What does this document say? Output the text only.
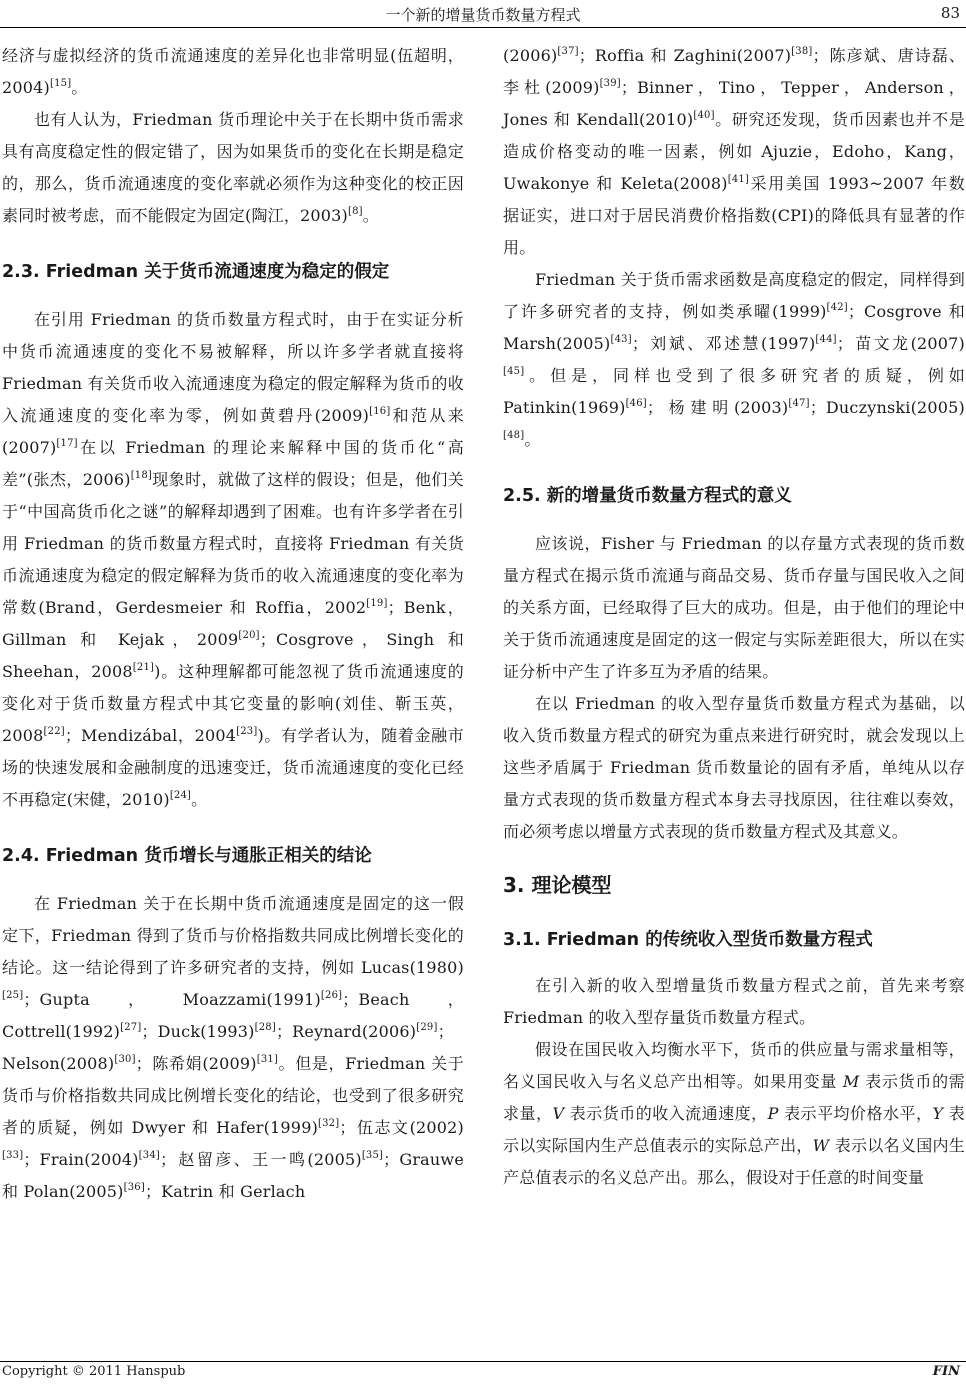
一个新的增量货币数量方程式	83

经济与虚拟经济的货币流通速度的差异化也非常明显(伍超明，2004)[15]。

也有人认为，Friedman 货币理论中关于在长期中货币需求具有高度稳定性的假定错了，因为如果货币的变化在长期是稳定的，那么，货币流通速度的变化率就必须作为这种变化的校正因素同时被考虑，而不能假定为固定(陶江，2003)[8]。

2.3. Friedman 关于货币流通速度为稳定的假定

在引用 Friedman 的货币数量方程式时，由于在实证分析中货币流通速度的变化不易被解释，所以许多学者就直接将 Friedman 有关货币收入流通速度为稳定的假定解释为货币的收入流通速度的变化率为零，例如黄碧丹(2009)[16]和范从来(2007)[17]在以 Friedman 的理论来解释中国的货币化“高差”(张杰，2006)[18]现象时，就做了这样的假设；但是，他们关于“中国高货币化之谜”的解释却遇到了困难。也有许多学者在引用 Friedman 的货币数量方程式时，直接将 Friedman 有关货币流通速度为稳定的假定解释为货币的收入流通速度的变化率为常数(Brand，Gerdesmeier 和 Roffia，2002[19]；Benk，Gillman 和 Kejak，2009[20]；Cosgrove，Singh 和 Sheehan，2008[21])。这种理解都可能忽视了货币流通速度的变化对于货币数量方程式中其它变量的影响(刘佳、靳玉英，2008[22]；Mendizábal，2004[23])。有学者认为，随着金融市场的快速发展和金融制度的迅速变迁，货币流通速度的变化已经不再稳定(宋健，2010)[24]。

2.4. Friedman 货币增长与通胀正相关的结论

在 Friedman 关于在长期中货币流通速度是固定的这一假定下，Friedman 得到了货币与价格指数共同成比例增长变化的结论。这一结论得到了许多研究者的支持，例如 Lucas(1980)[25]；Gupta，Moazzami(1991)[26]；Beach，Cottrell(1992)[27]；Duck(1993)[28]；Reynard(2006)[29]；Nelson(2008)[30]；陈希娟(2009)[31]。但是，Friedman 关于货币与价格指数共同成比例增长变化的结论，也受到了很多研究者的质疑，例如 Dwyer 和 Hafer(1999)[32]；伍志文(2002)[33]；Frain(2004)[34]；赵留彦、王一鸣(2005)[35]；Grauwe 和 Polan(2005)[36]；Katrin 和 Gerlach

(2006)[37]；Roffia 和 Zaghini(2007)[38]；陈彦斌、唐诗磊、李杜(2009)[39]；Binner，Tino，Tepper，Anderson，Jones 和 Kendall(2010)[40]。研究还发现，货币因素也并不是造成价格变动的唯一因素，例如 Ajuzie，Edoho，Kang，Uwakonye 和 Keleta(2008)[41]采用美国 1993~2007 年数据证实，进口对于居民消费价格指数(CPI)的降低具有显著的作用。

Friedman 关于货币需求函数是高度稳定的假定，同样得到了许多研究者的支持，例如类承曜(1999)[42]；Cosgrove 和 Marsh(2005)[43]；刘斌、邓述慧(1997)[44]；苗文龙(2007)[45]。但是，同样也受到了很多研究者的质疑，例如 Patinkin(1969)[46]；杨建明(2003)[47]；Duczynski(2005)[48]。

2.5. 新的增量货币数量方程式的意义

应该说，Fisher 与 Friedman 的以存量方式表现的货币数量方程式在揭示货币流通与商品交易、货币存量与国民收入之间的关系方面，已经取得了巨大的成功。但是，由于他们的理论中关于货币流通速度是固定的这一假定与实际差距很大，所以在实证分析中产生了许多互为矛盾的结果。

在以 Friedman 的收入型存量货币数量方程式为基础，以收入货币数量方程式的研究为重点来进行研究时，就会发现以上这些矛盾属于 Friedman 货币数量论的固有矛盾，单纯从以存量方式表现的货币数量方程式本身去寻找原因，往往难以奏效，而必须考虑以增量方式表现的货币数量方程式及其意义。

3. 理论模型
3.1. Friedman 的传统收入型货币数量方程式

在引入新的收入型增量货币数量方程式之前，首先来考察 Friedman 的收入型存量货币数量方程式。

假设在国民收入均衡水平下，货币的供应量与需求量相等，名义国民收入与名义总产出相等。如果用变量 M 表示货币的需求量，V 表示货币的收入流通速度，P 表示平均价格水平，Y 表示以实际国内生产总值表示的实际总产出，W 表示以名义国内生产总值表示的名义总产出。那么，假设对于任意的时间变量

Copyright © 2011 Hanspub	FIN
